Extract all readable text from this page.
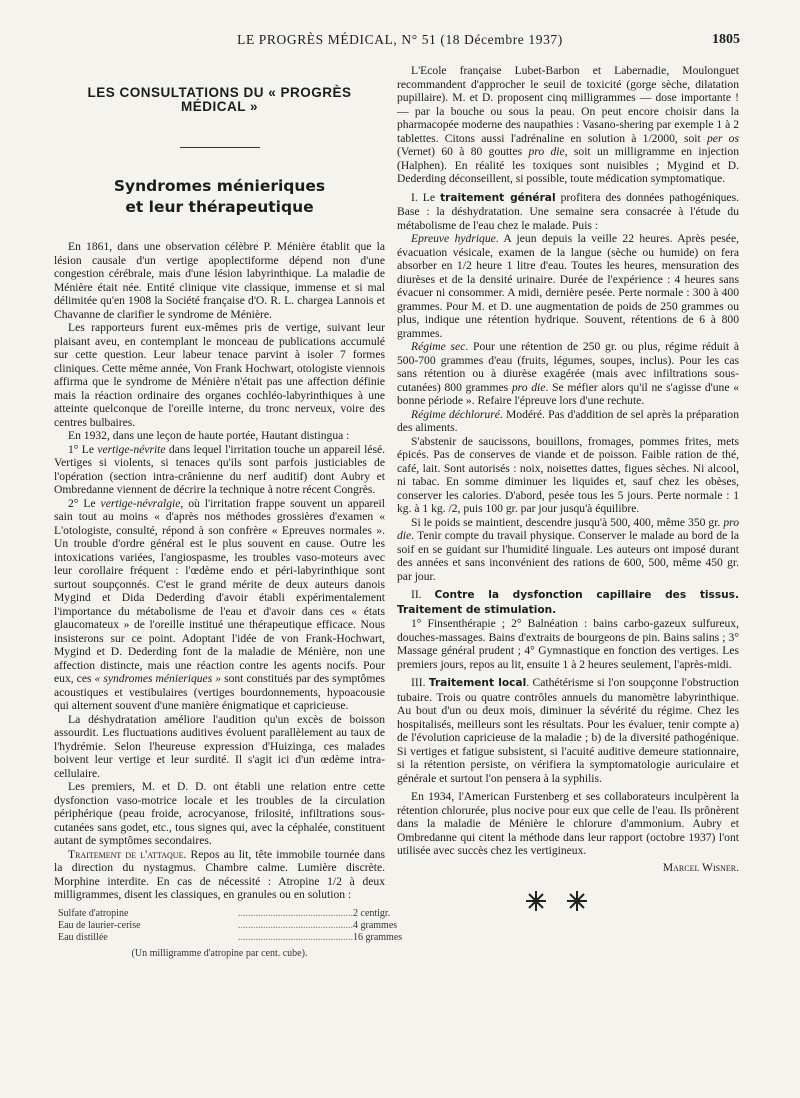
LE PROGRÈS MÉDICAL, N° 51 (18 Décembre 1937)	1805
LES CONSULTATIONS DU « PROGRÈS MÉDICAL »
Syndromes ménieriques
et leur thérapeutique

En 1861, dans une observation célèbre P. Ménière établit que la lésion causale d'un vertige apoplectiforme dépend non d'une congestion cérébrale, mais d'une lésion labyrinthique. La maladie de Ménière était née. Entité clinique vite classique, immense et si mal délimitée qu'en 1908 la Société française d'O. R. L. chargea Lannois et Chavanne de clarifier le syndrome de Ménière.

Les rapporteurs furent eux-mêmes pris de vertige, suivant leur plaisant aveu, en contemplant le monceau de publications accumulé sur cette question. Leur labeur tenace parvint à isoler 7 formes cliniques. Cette même année, Von Frank Hochwart, otologiste viennois affirma que le syndrome de Ménière n'était pas une affection définie mais la réaction ordinaire des organes cochléo-labyrinthiques à une atteinte quelconque de l'oreille interne, du tronc nerveux, voire des centres bulbaires.

En 1932, dans une leçon de haute portée, Hautant distingua :

1° Le vertige-névrite dans lequel l'irritation touche un appareil lésé. Vertiges si violents, si tenaces qu'ils sont parfois justiciables de l'opération (section intra-crânienne du nerf auditif) dont Aubry et Ombredanne viennent de décrire la technique à notre récent Congrès.

2° Le vertige-névralgie, où l'irritation frappe souvent un appareil sain tout au moins « d'après nos méthodes grossières d'examen « L'otologiste, consulté, répond à son confrère « Epreuves normales ». Un trouble d'ordre général est le plus souvent en cause. Outre les intoxications variées, l'angiospasme, les troubles vaso-moteurs avec leur corollaire fréquent : l'œdème endo et péri-labyrinthique sont surtout soupçonnés. C'est le grand mérite de deux auteurs danois Mygind et Dida Dederding d'avoir établi expérimentalement l'importance du métabolisme de l'eau et d'avoir dans ces « états glaucomateux » de l'oreille institué une thérapeutique efficace. Nous insisterons sur ce point. Adoptant l'idée de von Frank-Hochwart, Mygind et D. Dederding font de la maladie de Ménière, non une affection distincte, mais une réaction contre les agents nocifs. Pour eux, ces « syndromes ménieriques » sont constitués par des symptômes acoustiques et vestibulaires (vertiges bourdonnements, hypoacousie qui alternent souvent d'une manière énigmatique et capricieuse.

La déshydratation améliore l'audition qu'un excès de boisson assourdit. Les fluctuations auditives évoluent parallèlement au taux de l'hydrémie. Selon l'heureuse expression d'Huizinga, ces malades boivent leur vertige et leur surdité. Il s'agit ici d'un œdème intra-cellulaire.

Les premiers, M. et D. D. ont établi une relation entre cette dysfonction vaso-motrice locale et les troubles de la circulation périphérique (peau froide, acrocyanose, frilosité, infiltrations sous-cutanées sans godet, etc., tous signes qui, avec la céphalée, constituent autant de symptômes secondaires.

Traitement de l'attaque. Repos au lit, tête immobile tournée dans la direction du nystagmus. Chambre calme. Lumière discrète. Morphine interdite. En cas de nécessité : Atropine 1/2 à deux milligrammes, disent les classiques, en granules ou en solution :

Sulfate d'atropine	.............................................. 2 centigr.
Eau de laurier-cerise	.............................................. 4 grammes
Eau distillée	.............................................. 16 grammes
(Un milligramme d'atropine par cent. cube).

L'Ecole française Lubet-Barbon et Labernadie, Moulonguet recommandent d'approcher le seuil de toxicité (gorge sèche, dilatation pupillaire). M. et D. proposent cinq milligrammes — dose importante ! — par la bouche ou sous la peau. On peut encore choisir dans la pharmacopée moderne des naupathies : Vasano-shering par exemple 1 à 2 tablettes. Citons aussi l'adrénaline en solution à 1/2000, soit per os (Vernet) 60 à 80 gouttes pro die, soit un milligramme en injection (Halphen). En réalité les toxiques sont nuisibles ; Mygind et D. Dederding déconseillent, si possible, toute médication symptomatique.

I. Le traitement général profitera des données pathogéniques. Base : la déshydratation. Une semaine sera consacrée à l'étude du métabolisme de l'eau chez le malade. Puis :

Epreuve hydrique. A jeun depuis la veille 22 heures. Après pesée, évacuation vésicale, examen de la langue (sèche ou humide) on fera absorber en 1/2 heure 1 litre d'eau. Toutes les heures, mensuration des diurèses et de la densité urinaire. Durée de l'expérience : 4 heures sans évacuer ni consommer. A midi, dernière pesée. Perte normale : 300 à 400 grammes. Pour M. et D. une augmentation de poids de 250 grammes ou plus, indique une rétention hydrique. Souvent, rétentions de 6 à 800 grammes.

Régime sec. Pour une rétention de 250 gr. ou plus, régime réduit à 500-700 grammes d'eau (fruits, légumes, soupes, inclus). Pour les cas sans rétention ou à diurèse exagérée (mais avec infiltrations sous-cutanées) 800 grammes pro die. Se méfier alors qu'il ne s'agisse d'une « bonne période ». Refaire l'épreuve lors d'une rechute.

Régime déchloruré. Modéré. Pas d'addition de sel après la préparation des aliments.

S'abstenir de saucissons, bouillons, fromages, pommes frites, mets épicés. Pas de conserves de viande et de poisson. Faible ration de thé, café, lait. Sont autorisés : noix, noisettes dattes, figues sèches. Ni alcool, ni tabac. En somme diminuer les liquides et, sauf chez les obèses, conserver les calories. D'abord, pesée tous les 5 jours. Perte normale : 1 kg. à 1 kg. /2, puis 100 gr. par jour jusqu'à équilibre.

Si le poids se maintient, descendre jusqu'à 500, 400, même 350 gr. pro die. Tenir compte du travail physique. Conserver le malade au bord de la soif en se guidant sur l'humidité linguale. Les auteurs ont imposé durant des années et sans inconvénient des rations de 600, 500, même 450 gr. par jour.

II. Contre la dysfonction capillaire des tissus. Traitement de stimulation.

1° Finsenthérapie ; 2° Balnéation : bains carbo-gazeux sulfureux, douches-massages. Bains d'extraits de bourgeons de pin. Bains salins ; 3° Massage général prudent ; 4° Gymnastique en fonction des vertiges. Les premiers jours, repos au lit, ensuite 1 à 2 heures seulement, l'après-midi.

III. Traitement local. Cathétérisme si l'on soupçonne l'obstruction tubaire. Trois ou quatre contrôles annuels du manomètre labyrinthique. Au bout d'un ou deux mois, diminuer la sévérité du régime. Chez les hospitalisés, meilleurs sont les résultats. Pour les évaluer, tenir compte a) de l'évolution capricieuse de la maladie ; b) de la diversité pathogénique. Si vertiges et fatigue subsistent, si l'acuité auditive demeure stationnaire, si la rétention persiste, on vérifiera la symptomatologie auriculaire et générale et surtout l'on pensera à la syphilis.

En 1934, l'American Furstenberg et ses collaborateurs inculpèrent la rétention chlorurée, plus nocive pour eux que celle de l'eau. Ils prônèrent dans la maladie de Ménière le chlorure d'ammonium. Aubry et Ombredanne qui citent la méthode dans leur rapport (octobre 1937) l'ont utilisée avec succès chez les vertigineux.

Marcel Wisner.
